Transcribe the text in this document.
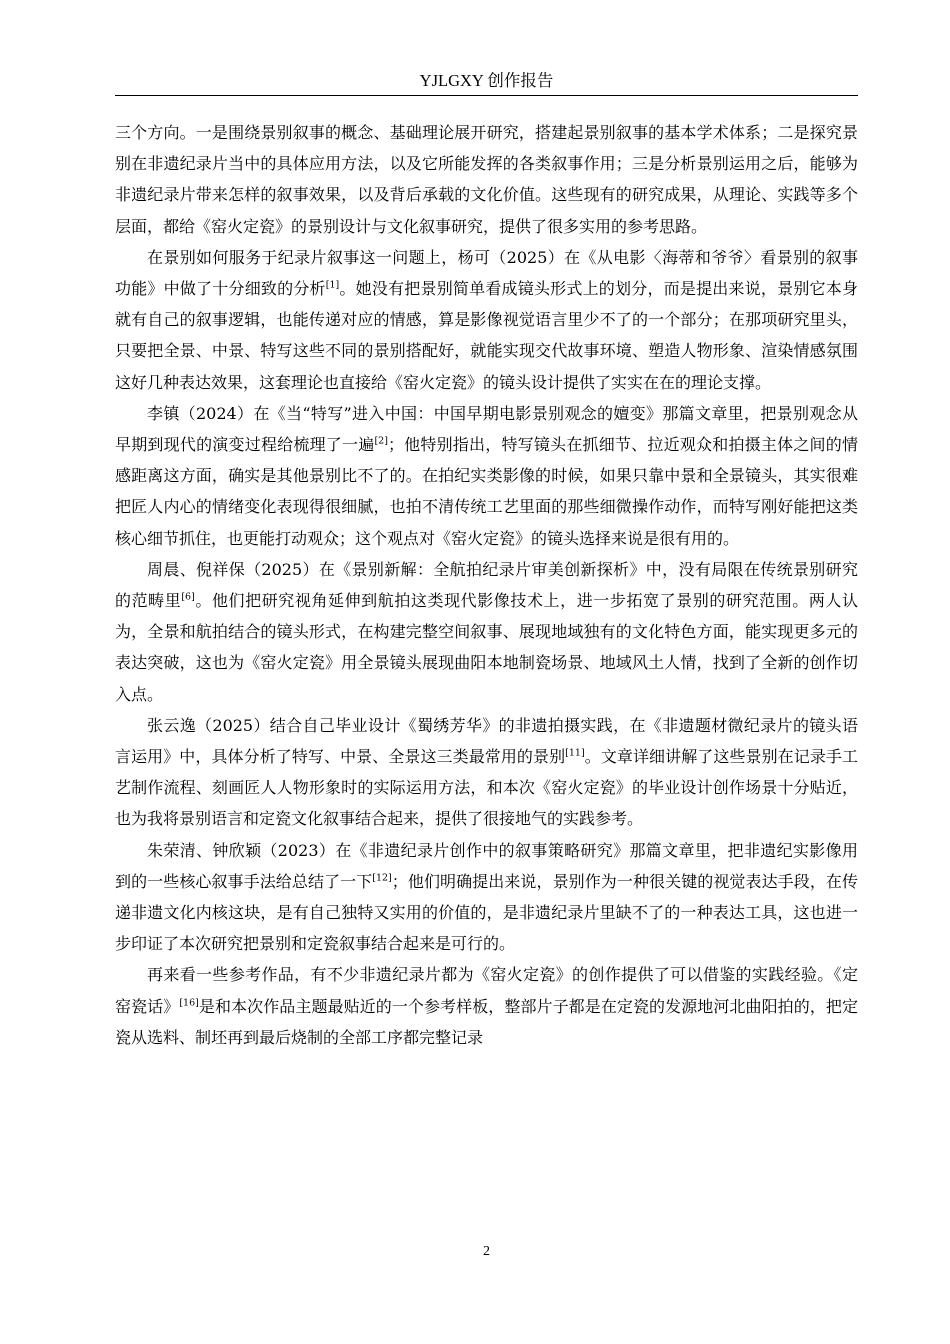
YJLGXY 创作报告

三个方向。一是围绕景别叙事的概念、基础理论展开研究，搭建起景别叙事的基本学术体系；二是探究景别在非遗纪录片当中的具体应用方法，以及它所能发挥的各类叙事作用；三是分析景别运用之后，能够为非遗纪录片带来怎样的叙事效果，以及背后承载的文化价值。这些现有的研究成果，从理论、实践等多个层面，都给《窑火定瓷》的景别设计与文化叙事研究，提供了很多实用的参考思路。

在景别如何服务于纪录片叙事这一问题上，杨可（2025）在《从电影〈海蒂和爷爷〉看景别的叙事功能》中做了十分细致的分析[1]。她没有把景别简单看成镜头形式上的划分，而是提出来说，景别它本身就有自己的叙事逻辑，也能传递对应的情感，算是影像视觉语言里少不了的一个部分；在那项研究里头，只要把全景、中景、特写这些不同的景别搭配好，就能实现交代故事环境、塑造人物形象、渲染情感氛围这好几种表达效果，这套理论也直接给《窑火定瓷》的镜头设计提供了实实在在的理论支撑。

李镇（2024）在《当“特写”进入中国：中国早期电影景别观念的嬗变》那篇文章里，把景别观念从早期到现代的演变过程给梳理了一遍[2]；他特别指出，特写镜头在抓细节、拉近观众和拍摄主体之间的情感距离这方面，确实是其他景别比不了的。在拍纪实类影像的时候，如果只靠中景和全景镜头，其实很难把匠人内心的情绪变化表现得很细腻，也拍不清传统工艺里面的那些细微操作动作，而特写刚好能把这类核心细节抓住，也更能打动观众；这个观点对《窑火定瓷》的镜头选择来说是很有用的。

周晨、倪祥保（2025）在《景别新解：全航拍纪录片审美创新探析》中，没有局限在传统景别研究的范畴里[6]。他们把研究视角延伸到航拍这类现代影像技术上，进一步拓宽了景别的研究范围。两人认为，全景和航拍结合的镜头形式，在构建完整空间叙事、展现地域独有的文化特色方面，能实现更多元的表达突破，这也为《窑火定瓷》用全景镜头展现曲阳本地制瓷场景、地域风土人情，找到了全新的创作切入点。

张云逸（2025）结合自己毕业设计《蜀绣芳华》的非遗拍摄实践，在《非遗题材微纪录片的镜头语言运用》中，具体分析了特写、中景、全景这三类最常用的景别[11]。文章详细讲解了这些景别在记录手工艺制作流程、刻画匠人人物形象时的实际运用方法，和本次《窑火定瓷》的毕业设计创作场景十分贴近，也为我将景别语言和定瓷文化叙事结合起来，提供了很接地气的实践参考。

朱荣清、钟欣颖（2023）在《非遗纪录片创作中的叙事策略研究》那篇文章里，把非遗纪实影像用到的一些核心叙事手法给总结了一下[12]；他们明确提出来说，景别作为一种很关键的视觉表达手段，在传递非遗文化内核这块，是有自己独特又实用的价值的，是非遗纪录片里缺不了的一种表达工具，这也进一步印证了本次研究把景别和定瓷叙事结合起来是可行的。

再来看一些参考作品，有不少非遗纪录片都为《窑火定瓷》的创作提供了可以借鉴的实践经验。《定窑瓷话》[16]是和本次作品主题最贴近的一个参考样板，整部片子都是在定瓷的发源地河北曲阳拍的，把定瓷从选料、制坯再到最后烧制的全部工序都完整记录

2
